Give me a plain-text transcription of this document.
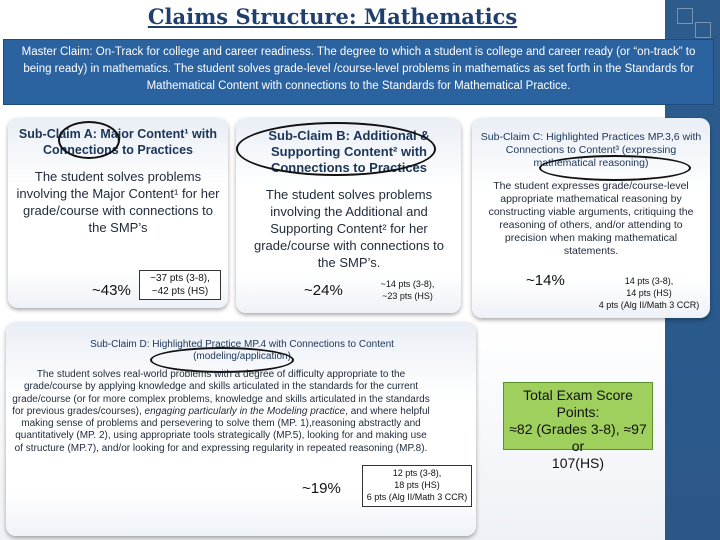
Claims Structure: Mathematics
Master Claim: On-Track for college and career readiness. The degree to which a student is college and career ready (or “on-track” to being ready) in mathematics. The student solves grade-level /course-level problems in mathematics as set forth in the Standards for Mathematical Content with connections to the Standards for Mathematical Practice.
Sub-Claim A: Major Content¹ with Connections to Practices
The student solves problems involving the Major Content¹ for her grade/course with connections to the SMP’s
~43%
~37 pts (3-8),
~42 pts (HS)
Sub-Claim B: Additional & Supporting Content² with Connections to Practices
The student solves problems involving the Additional and Supporting Content² for her grade/course with connections to the SMP’s.
~24%	~14 pts (3-8),
~23 pts (HS)
Sub-Claim C: Highlighted Practices MP.3,6 with Connections to Content³ (expressing mathematical reasoning)
The student expresses grade/course-level appropriate mathematical reasoning by constructing viable arguments, critiquing the reasoning of others, and/or attending to precision when making mathematical statements.
~14%	14 pts (3-8),
14 pts (HS)
4 pts (Alg II/Math 3 CCR)
Sub-Claim D: Highlighted Practice MP.4 with Connections to Content
(modeling/application)
The student solves real-world problems with a degree of difficulty appropriate to the grade/course by applying knowledge and skills articulated in the standards for the current grade/course (or for more complex problems, knowledge and skills articulated in the standards for previous grades/courses), engaging particularly in the Modeling practice, and where helpful making sense of problems and persevering to solve them (MP. 1),reasoning abstractly and quantitatively (MP. 2), using appropriate tools strategically (MP.5), looking for and making use of structure (MP.7), and/or looking for and expressing regularity in repeated reasoning (MP.8).
~19%
12 pts (3-8),
18 pts (HS)
6 pts (Alg II/Math 3 CCR)
Total Exam Score Points:
≈82 (Grades 3-8), ≈97 or
107(HS)
